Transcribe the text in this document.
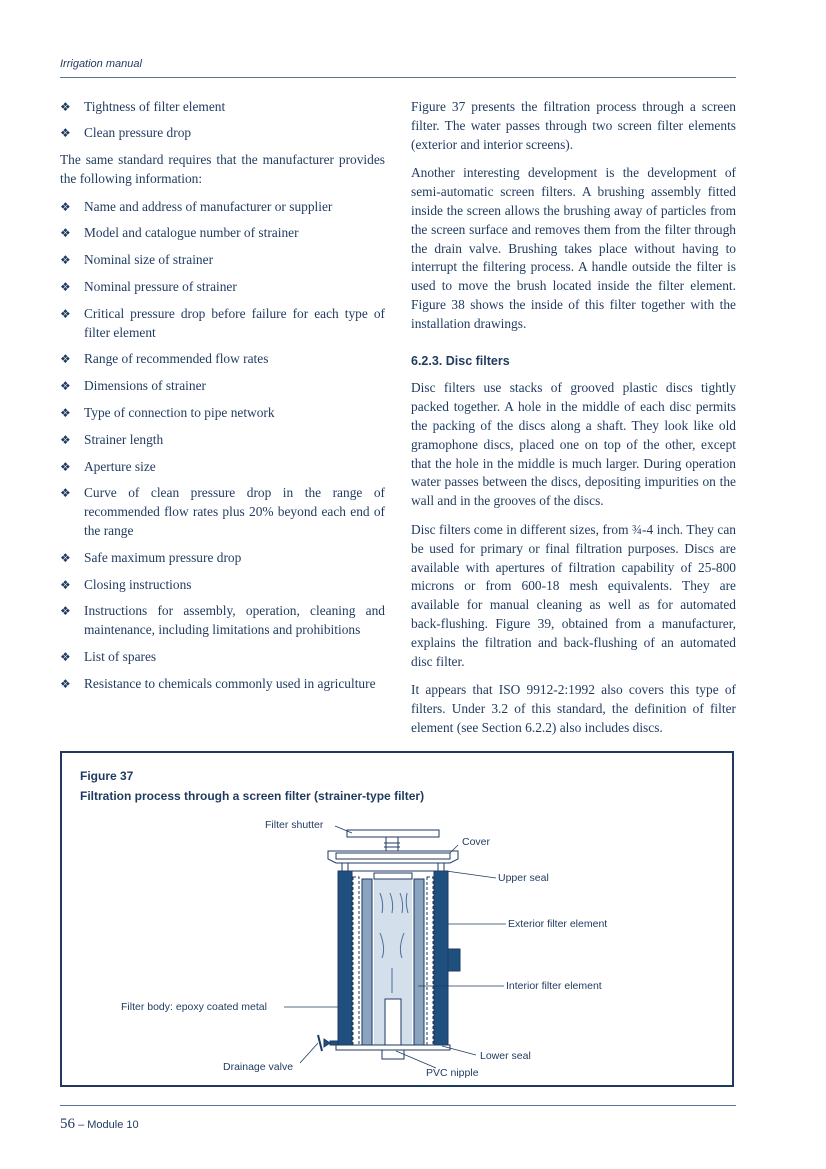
Irrigation manual
❖ Tightness of filter element
❖ Clean pressure drop

The same standard requires that the manufacturer provides the following information:

❖ Name and address of manufacturer or supplier
❖ Model and catalogue number of strainer
❖ Nominal size of strainer
❖ Nominal pressure of strainer
❖ Critical pressure drop before failure for each type of filter element
❖ Range of recommended flow rates
❖ Dimensions of strainer
❖ Type of connection to pipe network
❖ Strainer length
❖ Aperture size
❖ Curve of clean pressure drop in the range of recommended flow rates plus 20% beyond each end of the range
❖ Safe maximum pressure drop
❖ Closing instructions
❖ Instructions for assembly, operation, cleaning and maintenance, including limitations and prohibitions
❖ List of spares
❖ Resistance to chemicals commonly used in agriculture

Figure 37 presents the filtration process through a screen filter. The water passes through two screen filter elements (exterior and interior screens).

Another interesting development is the development of semi-automatic screen filters. A brushing assembly fitted inside the screen allows the brushing away of particles from the screen surface and removes them from the filter through the drain valve. Brushing takes place without having to interrupt the filtering process. A handle outside the filter is used to move the brush located inside the filter element. Figure 38 shows the inside of this filter together with the installation drawings.

6.2.3. Disc filters

Disc filters use stacks of grooved plastic discs tightly packed together. A hole in the middle of each disc permits the packing of the discs along a shaft. They look like old gramophone discs, placed one on top of the other, except that the hole in the middle is much larger. During operation water passes between the discs, depositing impurities on the wall and in the grooves of the discs.

Disc filters come in different sizes, from ¾-4 inch. They can be used for primary or final filtration purposes. Discs are available with apertures of filtration capability of 25-800 microns or from 600-18 mesh equivalents. They are available for manual cleaning as well as for automated back-flushing. Figure 39, obtained from a manufacturer, explains the filtration and back-flushing of an automated disc filter.

It appears that ISO 9912-2:1992 also covers this type of filters. Under 3.2 of this standard, the definition of filter element (see Section 6.2.2) also includes discs.

Figure 37
Filtration process through a screen filter (strainer-type filter)
Filter shutter
Cover
Upper seal
Exterior filter element
Interior filter element
Filter body: epoxy coated metal
Lower seal
Drainage valve	PVC nipple
56 – Module 10
